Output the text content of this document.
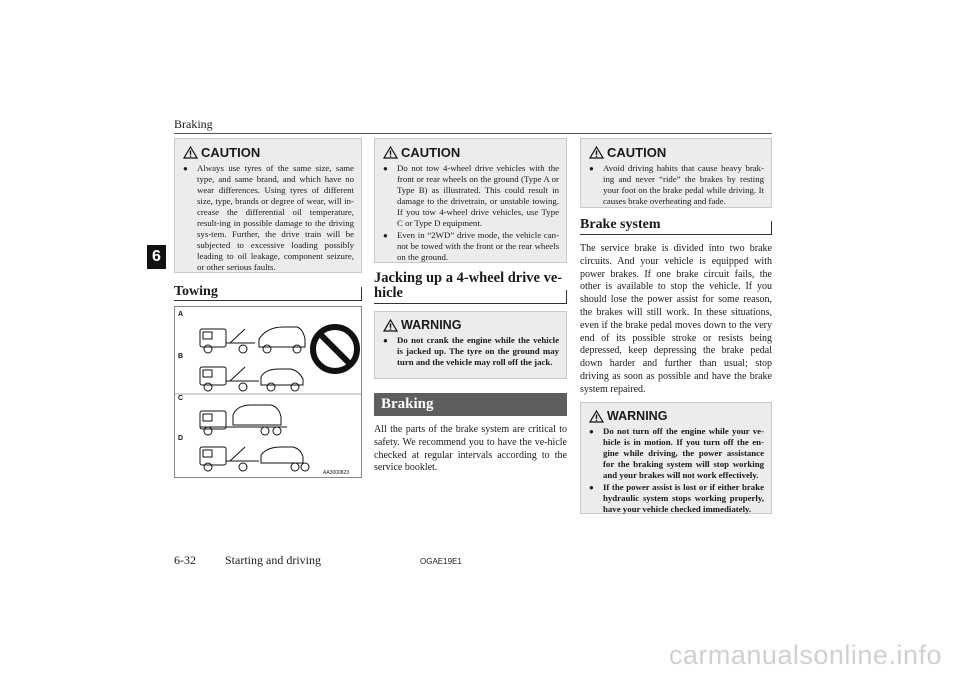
Braking
6
CAUTION
●	Always use tyres of the same size, same type, and same brand, and which have no wear differences. Using tyres of different size, type, brands or degree of wear, will in-crease the differential oil temperature, result-ing in possible damage to the driving sys-tem. Further, the drive train will be subjected to excessive loading possibly leading to oil leakage, component seizure, or other serious faults.
Towing
A
B
C
D
AA3000823
CAUTION
●	Do not tow 4-wheel drive vehicles with the front or rear wheels on the ground (Type A or Type B) as illustrated. This could result in damage to the drivetrain, or unstable towing. If you tow 4-wheel drive vehicles, use Type C or Type D equipment.
●	Even in “2WD” drive mode, the vehicle can-not be towed with the front or the rear wheels on the ground.
Jacking up a 4-wheel drive ve-hicle
WARNING
●	Do not crank the engine while the vehicle is jacked up. The tyre on the ground may turn and the vehicle may roll off the jack.
Braking
All the parts of the brake system are critical to safety. We recommend you to have the ve-hicle checked at regular intervals according to the service booklet.
CAUTION
●	Avoid driving habits that cause heavy brak-ing and never “ride” the brakes by resting your foot on the brake pedal while driving. It causes brake overheating and fade.
Brake system
The service brake is divided into two brake circuits. And your vehicle is equipped with power brakes. If one brake circuit fails, the other is available to stop the vehicle. If you should lose the power assist for some reason, the brakes will still work. In these situations, even if the brake pedal moves down to the very end of its possible stroke or resists being depressed, keep depressing the brake pedal down harder and further than usual; stop driving as soon as possible and have the brake system repaired.
WARNING
●	Do not turn off the engine while your ve-hicle is in motion. If you turn off the en-gine while driving, the power assistance for the braking system will stop working and your brakes will not work effectively.
●	If the power assist is lost or if either brake hydraulic system stops working properly, have your vehicle checked immediately.
6-32 Starting and driving	OGAE19E1
carmanualsonline.info
